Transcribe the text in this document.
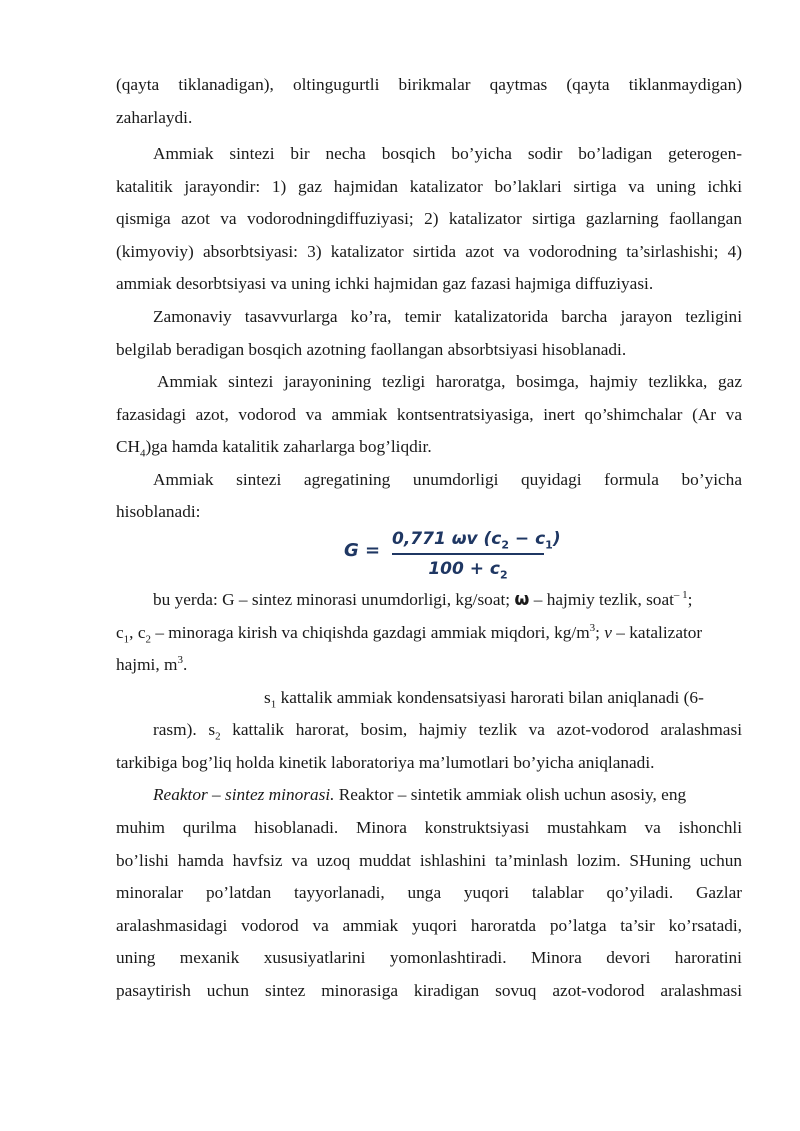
(qayta tiklanadigan), oltingugurtli birikmalar qaytmas (qayta tiklanmaydigan)
zaharlaydi.
Ammiak sintezi bir necha bosqich bo’yicha sodir bo’ladigan geterogen-
katalitik jarayondir: 1) gaz hajmidan katalizator bo’laklari sirtiga va uning ichki
qismiga azot va vodorodningdiffuziyasi; 2) katalizator sirtiga gazlarning faollangan
(kimyoviy) absorbtsiyasi: 3) katalizator sirtida azot va vodorodning ta’sirlashishi; 4)
ammiak desorbtsiyasi va uning ichki hajmidan gaz fazasi hajmiga diffuziyasi.
Zamonaviy tasavvurlarga ko’ra, temir katalizatorida barcha jarayon tezligini
belgilab beradigan bosqich azotning faollangan absorbtsiyasi hisoblanadi.
Ammiak sintezi jarayonining tezligi haroratga, bosimga, hajmiy tezlikka, gaz
fazasidagi azot, vodorod va ammiak kontsentratsiyasiga, inert qo’shimchalar (Ar va
$CH_4)ga$ hamda katalitik zaharlarga bog’liqdir.
Ammiak sintezi agregatining unumdorligi quyidagi formula bo’yicha
hisoblanadi:
G =
0,771 ωv $(c_2 - c_1)$
$100 + c_2$
bu yerda: G – sintez minorasi unumdorligi, kg/soat; ω – hajmiy tezlik, soat$^{- 1}$;
$c_1$, $c_2$ – minoraga kirish va chiqishda gazdagi ammiak miqdori, $kg/m^3$; v – katalizator
hajmi, $m^3$.
$s_1$ kattalik ammiak kondensatsiyasi harorati bilan aniqlanadi (6-
rasm). $s_2$ kattalik harorat, bosim, hajmiy tezlik va azot-vodorod aralashmasi
tarkibiga bog’liq holda kinetik laboratoriya ma’lumotlari bo’yicha aniqlanadi.
Reaktor – sintez minorasi. Reaktor – sintetik ammiak olish uchun asosiy, eng
muhim qurilma hisoblanadi. Minora konstruktsiyasi mustahkam va ishonchli
bo’lishi hamda havfsiz va uzoq muddat ishlashini ta’minlash lozim. SHuning uchun
minoralar po’latdan tayyorlanadi, unga yuqori talablar qo’yiladi. Gazlar
aralashmasidagi vodorod va ammiak yuqori haroratda po’latga ta’sir ko’rsatadi,
uning mexanik xususiyatlarini yomonlashtiradi. Minora devori haroratini
pasaytirish uchun sintez minorasiga kiradigan sovuq azot-vodorod aralashmasi
